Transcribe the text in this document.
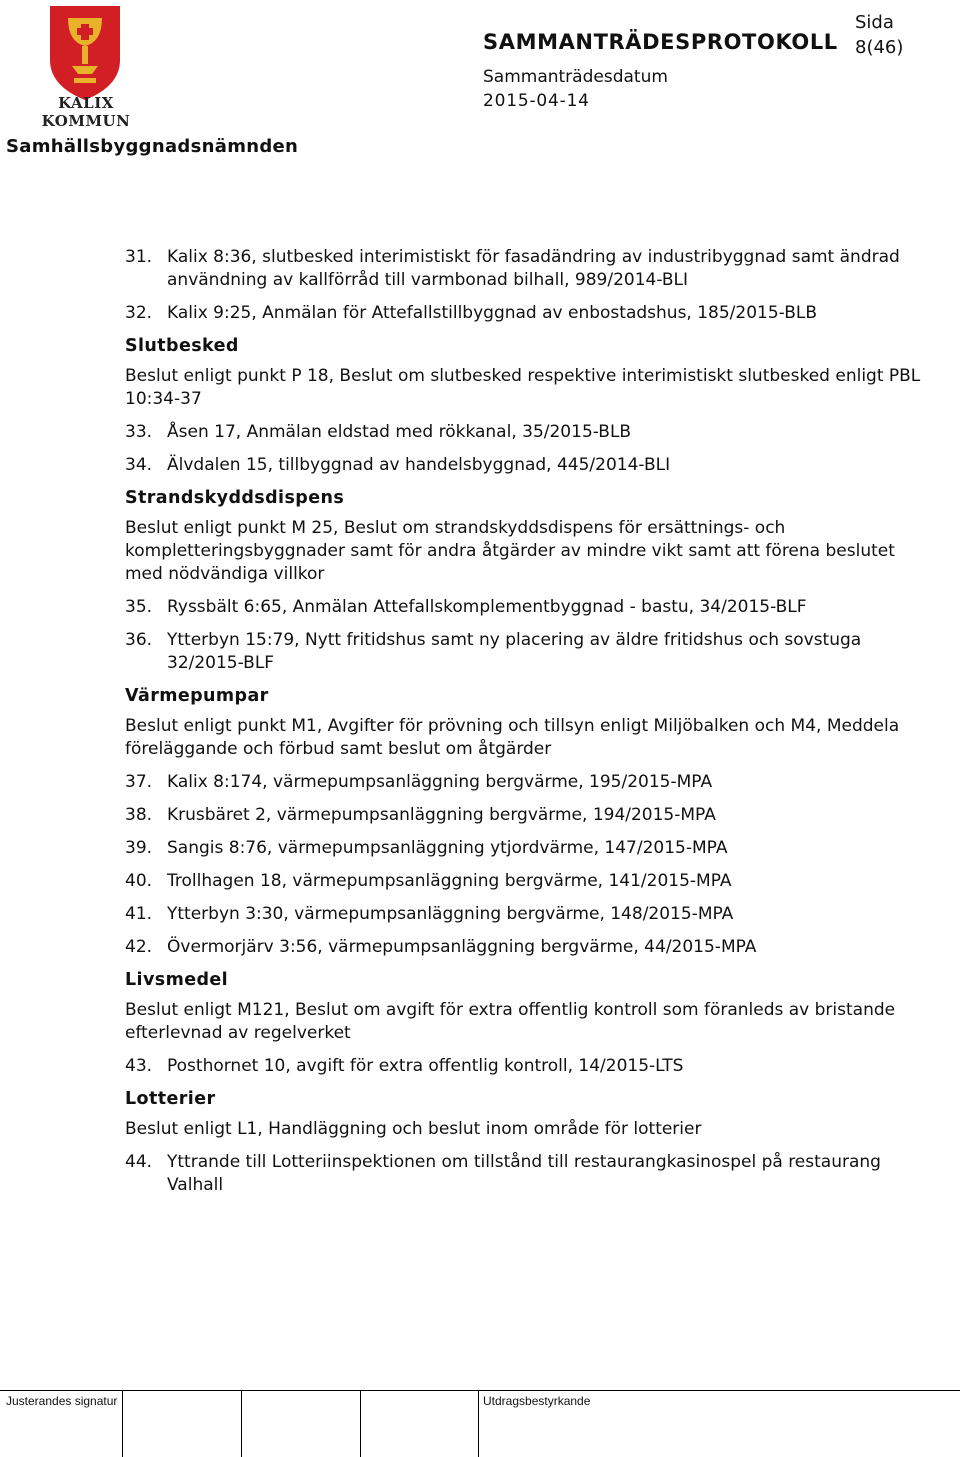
KALIX KOMMUN
SAMMANTRÄDESPROTOKOLL
Sida
8(46)
Sammanträdesdatum
2015-04-14
Samhällsbyggnadsnämnden
31. Kalix 8:36, slutbesked interimistiskt för fasadändring av industribyggnad samt ändrad användning av kallförråd till varmbonad bilhall, 989/2014-BLI
32. Kalix 9:25, Anmälan för Attefallstillbyggnad av enbostadshus, 185/2015-BLB
Slutbesked
Beslut enligt punkt P 18, Beslut om slutbesked respektive interimistiskt slutbesked enligt PBL 10:34-37
33. Åsen 17, Anmälan eldstad med rökkanal, 35/2015-BLB
34. Älvdalen 15, tillbyggnad av handelsbyggnad, 445/2014-BLI
Strandskyddsdispens
Beslut enligt punkt M 25, Beslut om strandskyddsdispens för ersättnings- och kompletteringsbyggnader samt för andra åtgärder av mindre vikt samt att förena beslutet med nödvändiga villkor
35. Ryssbält 6:65, Anmälan Attefallskomplementbyggnad - bastu, 34/2015-BLF
36. Ytterbyn 15:79, Nytt fritidshus samt ny placering av äldre fritidshus och sovstuga 32/2015-BLF
Värmepumpar
Beslut enligt punkt M1, Avgifter för prövning och tillsyn enligt Miljöbalken och M4, Meddela föreläggande och förbud samt beslut om åtgärder
37. Kalix 8:174, värmepumpsanläggning bergvärme, 195/2015-MPA
38. Krusbäret 2, värmepumpsanläggning bergvärme, 194/2015-MPA
39. Sangis 8:76, värmepumpsanläggning ytjordvärme, 147/2015-MPA
40. Trollhagen 18, värmepumpsanläggning bergvärme, 141/2015-MPA
41. Ytterbyn 3:30, värmepumpsanläggning bergvärme, 148/2015-MPA
42. Övermorjärv 3:56, värmepumpsanläggning bergvärme, 44/2015-MPA
Livsmedel
Beslut enligt M121, Beslut om avgift för extra offentlig kontroll som föranleds av bristande efterlevnad av regelverket
43. Posthornet 10, avgift för extra offentlig kontroll, 14/2015-LTS
Lotterier
Beslut enligt L1, Handläggning och beslut inom område för lotterier
44. Yttrande till Lotteriinspektionen om tillstånd till restaurangkasinospel på restaurang Valhall
Justerandes signatur	Utdragsbestyrkande
